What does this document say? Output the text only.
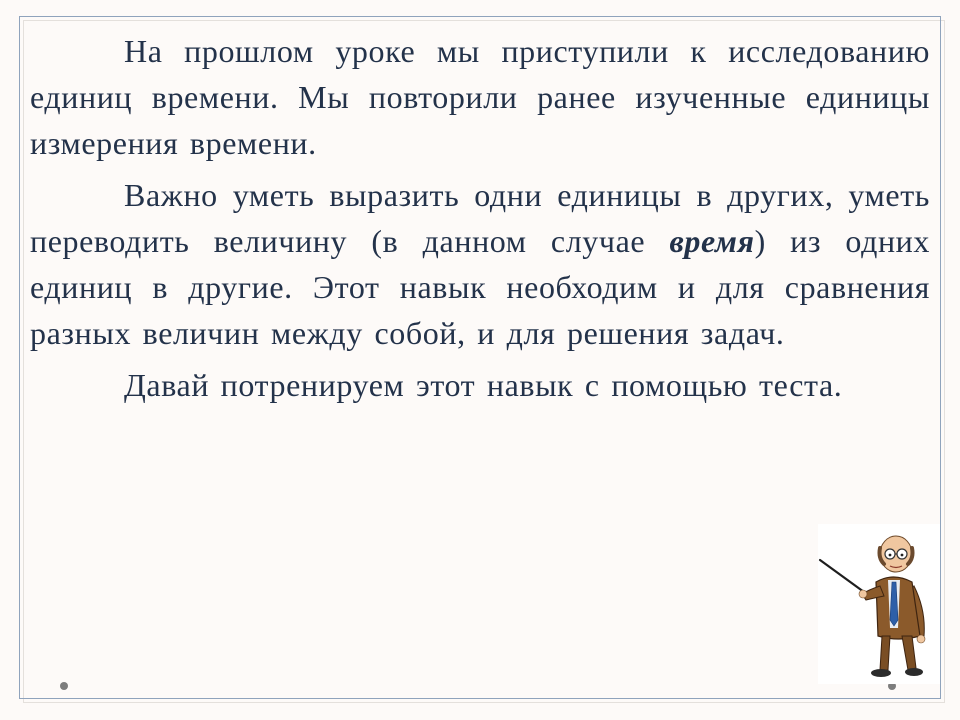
На прошлом уроке мы приступили к исследованию единиц времени. Мы повторили ранее изученные единицы измерения времени.

Важно уметь выразить одни единицы в других, уметь переводить величину (в данном случае время) из одних единиц в другие. Этот навык необходим и для сравнения разных величин между собой, и для решения задач.

Давай потренируем этот навык с помощью теста.
